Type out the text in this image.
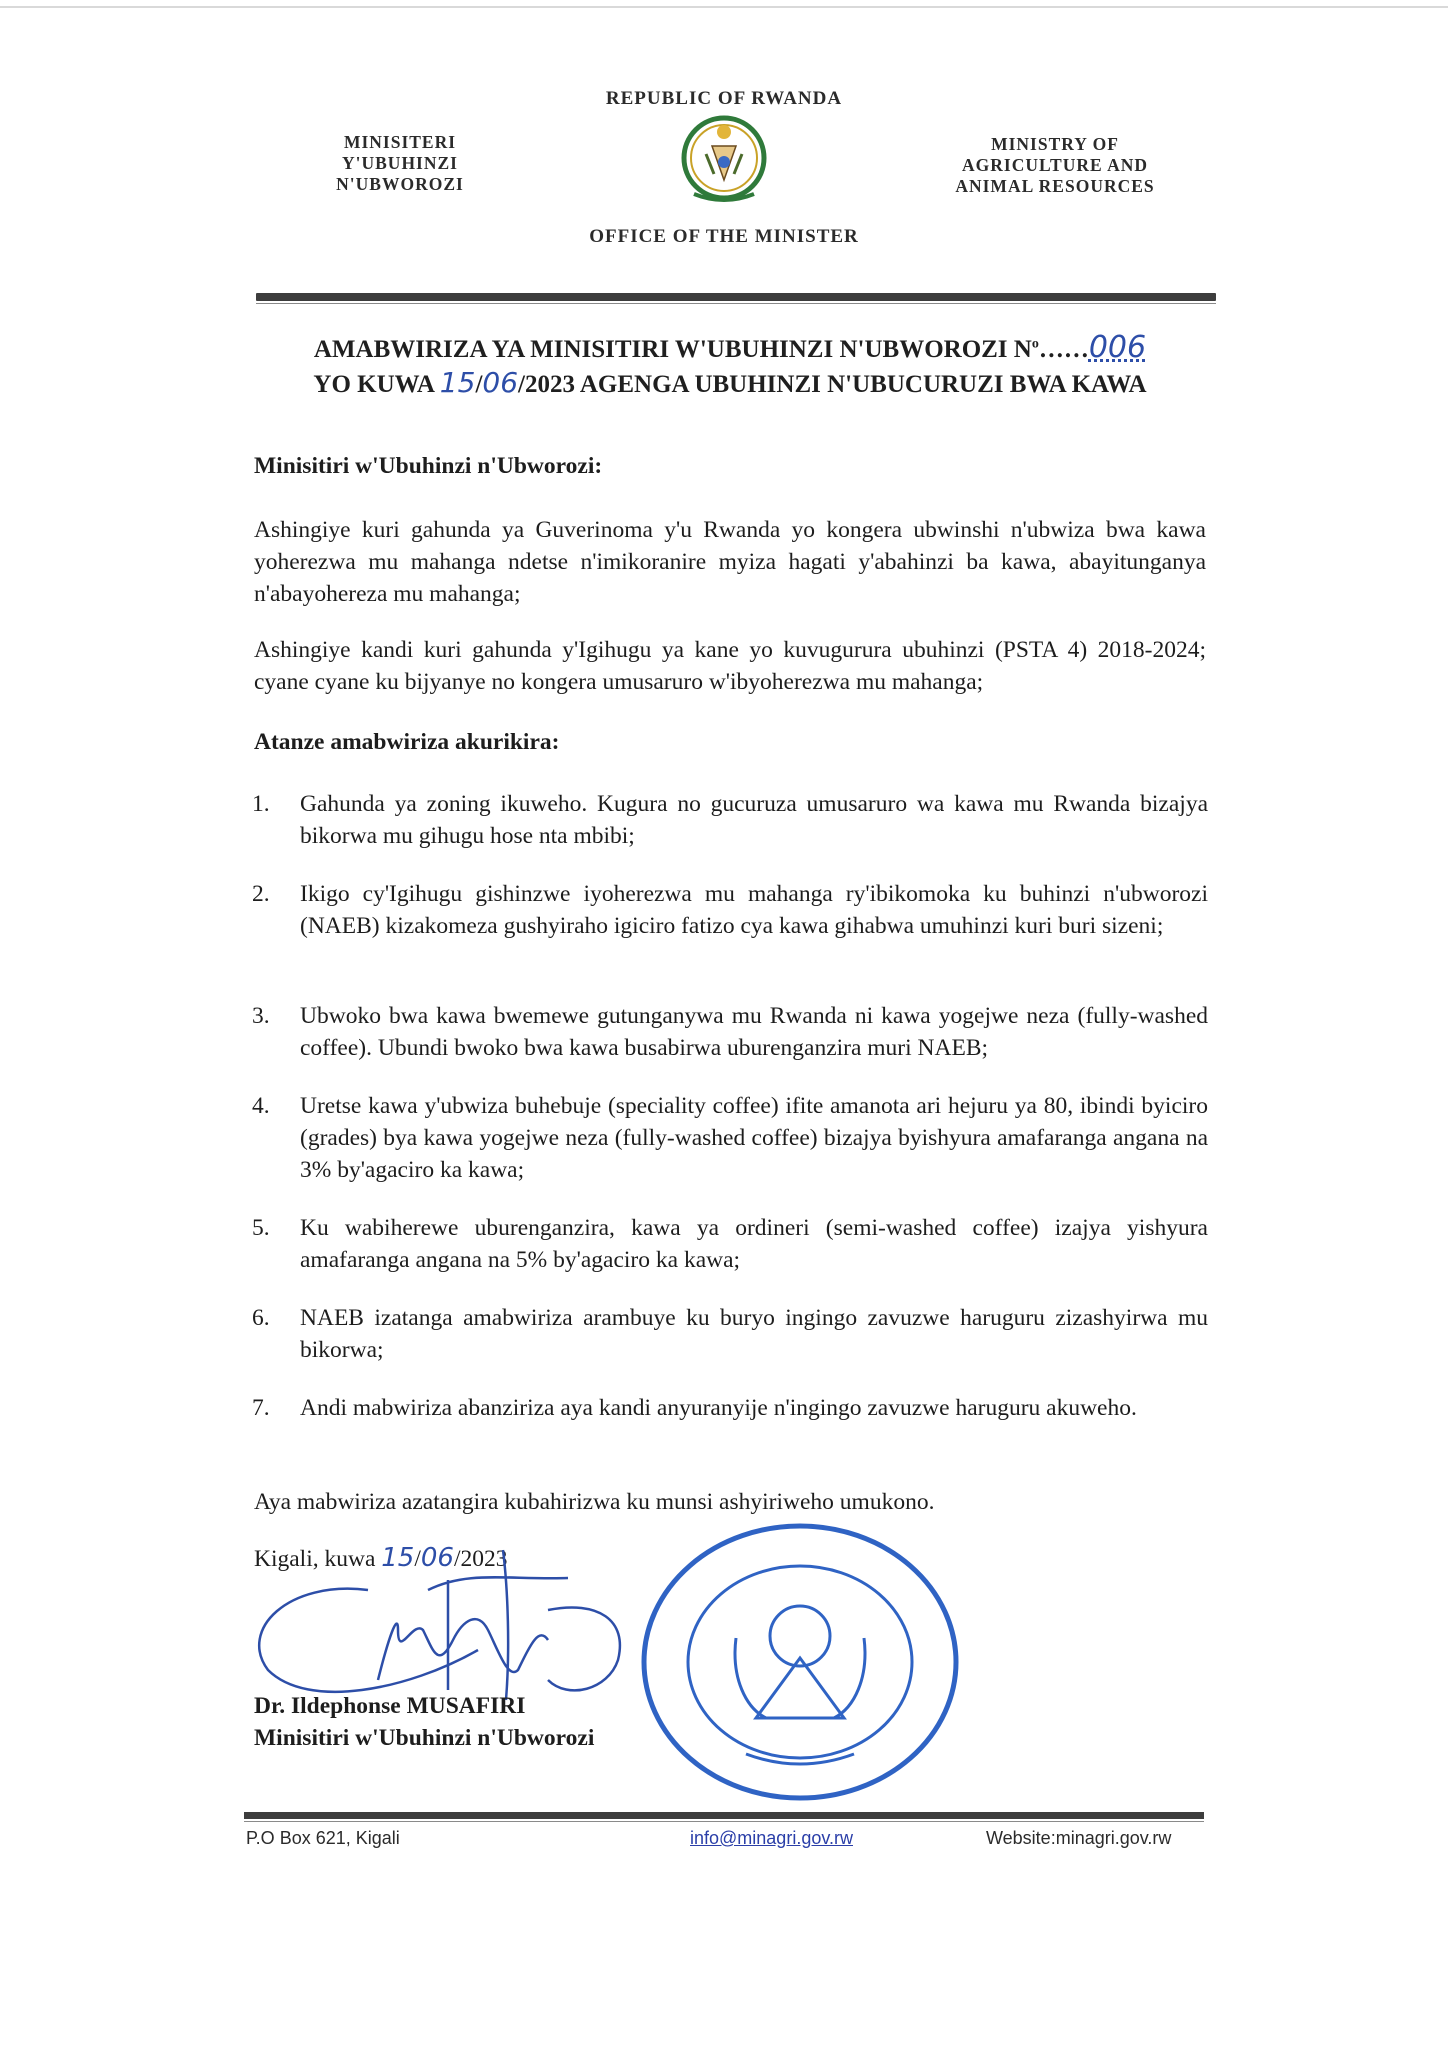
REPUBLIC OF RWANDA
MINISITERI
Y'UBUHINZI
N'UBWOROZI
MINISTRY OF
AGRICULTURE AND
ANIMAL RESOURCES
OFFICE OF THE MINISTER
AMABWIRIZA YA MINISITIRI W'UBUHINZI N'UBWOROZI $N^o\dots\dots 006$
YO KUWA 15/06/2023 AGENGA UBUHINZI N'UBUCURUZI BWA KAWA
Minisitiri w'Ubuhinzi n'Ubworozi:
Ashingiye kuri gahunda ya Guverinoma y'u Rwanda yo kongera ubwinshi n'ubwiza bwa kawa yoherezwa mu mahanga ndetse n'imikoranire myiza hagati y'abahinzi ba kawa, abayitunganya n'abayohereza mu mahanga;
Ashingiye kandi kuri gahunda y'Igihugu ya kane yo kuvugurura ubuhinzi (PSTA 4) 2018-2024; cyane cyane ku bijyanye no kongera umusaruro w'ibyoherezwa mu mahanga;
Atanze amabwiriza akurikira:
1.	Gahunda ya zoning ikuweho. Kugura no gucuruza umusaruro wa kawa mu Rwanda bizajya bikorwa mu gihugu hose nta mbibi;
2.	Ikigo cy'Igihugu gishinzwe iyoherezwa mu mahanga ry'ibikomoka ku buhinzi n'ubworozi (NAEB) kizakomeza gushyiraho igiciro fatizo cya kawa gihabwa umuhinzi kuri buri sizeni;
3.	Ubwoko bwa kawa bwemewe gutunganywa mu Rwanda ni kawa yogejwe neza (fully-washed coffee). Ubundi bwoko bwa kawa busabirwa uburenganzira muri NAEB;
4.	Uretse kawa y'ubwiza buhebuje (speciality coffee) ifite amanota ari hejuru ya 80, ibindi byiciro (grades) bya kawa yogejwe neza (fully-washed coffee) bizajya byishyura amafaranga angana na 3% by'agaciro ka kawa;
5.	Ku wabiherewe uburenganzira, kawa ya ordineri (semi-washed coffee) izajya yishyura amafaranga angana na 5% by'agaciro ka kawa;
6.	NAEB izatanga amabwiriza arambuye ku buryo ingingo zavuzwe haruguru zizashyirwa mu bikorwa;
7.	Andi mabwiriza abanziriza aya kandi anyuranyije n'ingingo zavuzwe haruguru akuweho.
Aya mabwiriza azatangira kubahirizwa ku munsi ashyiriweho umukono.
Kigali, kuwa 15/06/2023
Dr. Ildephonse MUSAFIRI
Minisitiri w'Ubuhinzi n'Ubworozi
P.O Box 621, Kigali	info@minagri.gov.rw	Website:minagri.gov.rw
